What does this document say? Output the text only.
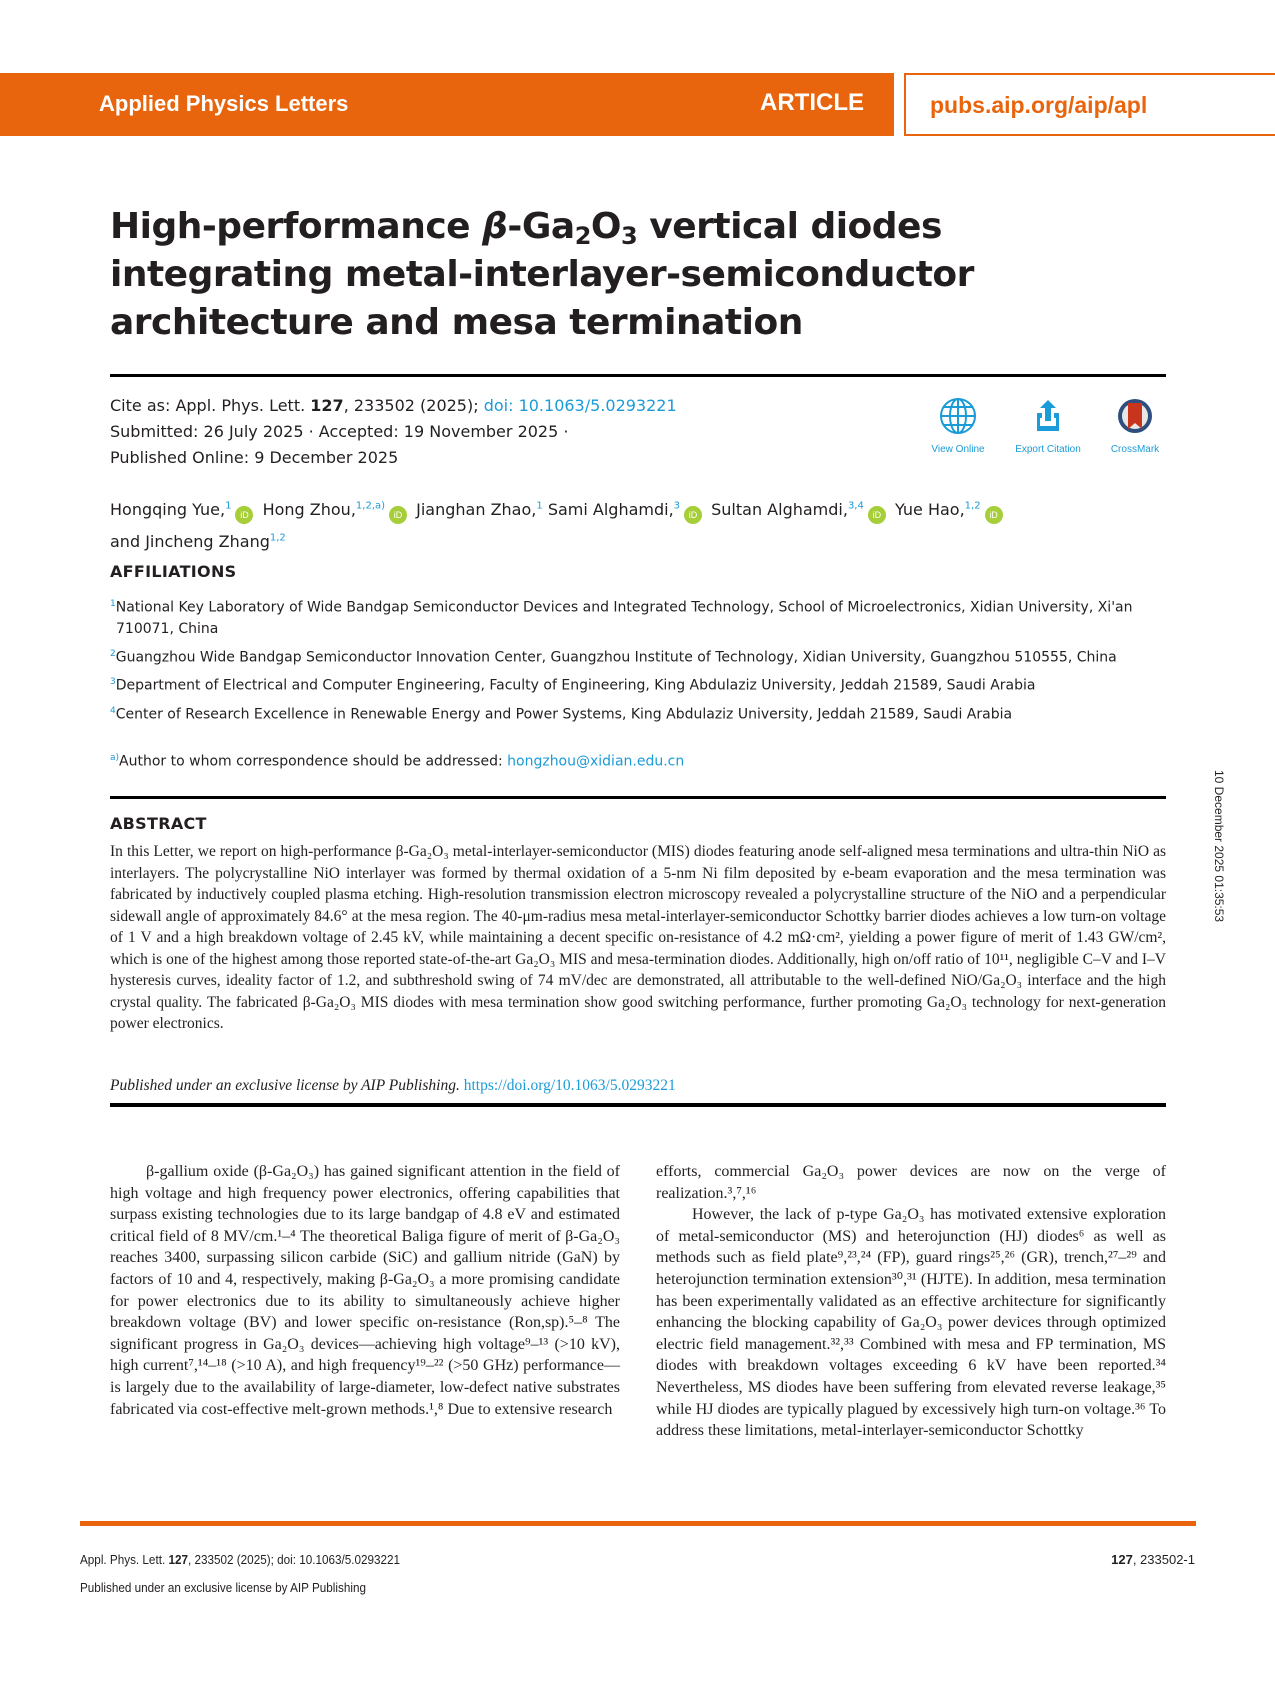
Applied Physics Letters	ARTICLE	pubs.aip.org/aip/apl
High-performance $\beta-Ga_2O_3$ vertical diodes
integrating metal-interlayer-semiconductor
architecture and mesa termination
Cite as: Appl. Phys. Lett. 127, 233502 (2025); doi: 10.1063/5.0293221
Submitted: 26 July 2025 · Accepted: 19 November 2025 ·
Published Online: 9 December 2025	View Online	Export Citation	CrossMark
Hongqing Yue,$^1$iD Hong Zhou,$^{1,2,a)}$iD Jianghan Zhao,$^1$ Sami Alghamdi,$^3$iD Sultan Alghamdi,$^{3,4}$iD Yue Hao,$^{1,2}$iD
and Jincheng Zhang$^{1,2}$
AFFILIATIONS
$^1$National Key Laboratory of Wide Bandgap Semiconductor Devices and Integrated Technology, School of Microelectronics, Xidian University, Xi'an 710071, China
$^2$Guangzhou Wide Bandgap Semiconductor Innovation Center, Guangzhou Institute of Technology, Xidian University, Guangzhou 510555, China
$^3$Department of Electrical and Computer Engineering, Faculty of Engineering, King Abdulaziz University, Jeddah 21589, Saudi Arabia
$^4$Center of Research Excellence in Renewable Energy and Power Systems, King Abdulaziz University, Jeddah 21589, Saudi Arabia
$^{a)}$Author to whom correspondence should be addressed: hongzhou@xidian.edu.cn
ABSTRACT
In this Letter, we report on high-performance β-Ga₂O₃ metal-interlayer-semiconductor (MIS) diodes featuring anode self-aligned mesa terminations and ultra-thin NiO as interlayers. The polycrystalline NiO interlayer was formed by thermal oxidation of a 5-nm Ni film deposited by e-beam evaporation and the mesa termination was fabricated by inductively coupled plasma etching. High-resolution transmission electron microscopy revealed a polycrystalline structure of the NiO and a perpendicular sidewall angle of approximately 84.6° at the mesa region. The 40-μm-radius mesa metal-interlayer-semiconductor Schottky barrier diodes achieves a low turn-on voltage of 1 V and a high breakdown voltage of 2.45 kV, while maintaining a decent specific on-resistance of 4.2 mΩ·cm², yielding a power figure of merit of 1.43 GW/cm², which is one of the highest among those reported state-of-the-art Ga₂O₃ MIS and mesa-termination diodes. Additionally, high on/off ratio of 10¹¹, negligible C–V and I–V hysteresis curves, ideality factor of 1.2, and subthreshold swing of 74 mV/dec are demonstrated, all attributable to the well-defined NiO/Ga₂O₃ interface and the high crystal quality. The fabricated β-Ga₂O₃ MIS diodes with mesa termination show good switching performance, further promoting Ga₂O₃ technology for next-generation power electronics.
Published under an exclusive license by AIP Publishing. https://doi.org/10.1063/5.0293221

β-gallium oxide (β-Ga₂O₃) has gained significant attention in the field of high voltage and high frequency power electronics, offering capabilities that surpass existing technologies due to its large bandgap of 4.8 eV and estimated critical field of 8 MV/cm.¹–⁴ The theoretical Baliga figure of merit of β-Ga₂O₃ reaches 3400, surpassing silicon carbide (SiC) and gallium nitride (GaN) by factors of 10 and 4, respectively, making β-Ga₂O₃ a more promising candidate for power electronics due to its ability to simultaneously achieve higher breakdown voltage (BV) and lower specific on-resistance (Ron,sp).⁵–⁸ The significant progress in Ga₂O₃ devices—achieving high voltage⁹–¹³ (>10 kV), high current⁷,¹⁴–¹⁸ (>10 A), and high frequency¹⁹–²² (>50 GHz) performance—is largely due to the availability of large-diameter, low-defect native substrates fabricated via cost-effective melt-grown methods.¹,⁸ Due to extensive research

efforts, commercial Ga₂O₃ power devices are now on the verge of realization.³,⁷,¹⁶

However, the lack of p-type Ga₂O₃ has motivated extensive exploration of metal-semiconductor (MS) and heterojunction (HJ) diodes⁶ as well as methods such as field plate⁹,²³,²⁴ (FP), guard rings²⁵,²⁶ (GR), trench,²⁷–²⁹ and heterojunction termination extension³⁰,³¹ (HJTE). In addition, mesa termination has been experimentally validated as an effective architecture for significantly enhancing the blocking capability of Ga₂O₃ power devices through optimized electric field management.³²,³³ Combined with mesa and FP termination, MS diodes with breakdown voltages exceeding 6 kV have been reported.³⁴ Nevertheless, MS diodes have been suffering from elevated reverse leakage,³⁵ while HJ diodes are typically plagued by excessively high turn-on voltage.³⁶ To address these limitations, metal-interlayer-semiconductor Schottky

10 December 2025 01:35:53
Appl. Phys. Lett. 127, 233502 (2025); doi: 10.1063/5.0293221
Published under an exclusive license by AIP Publishing
127, 233502-1
